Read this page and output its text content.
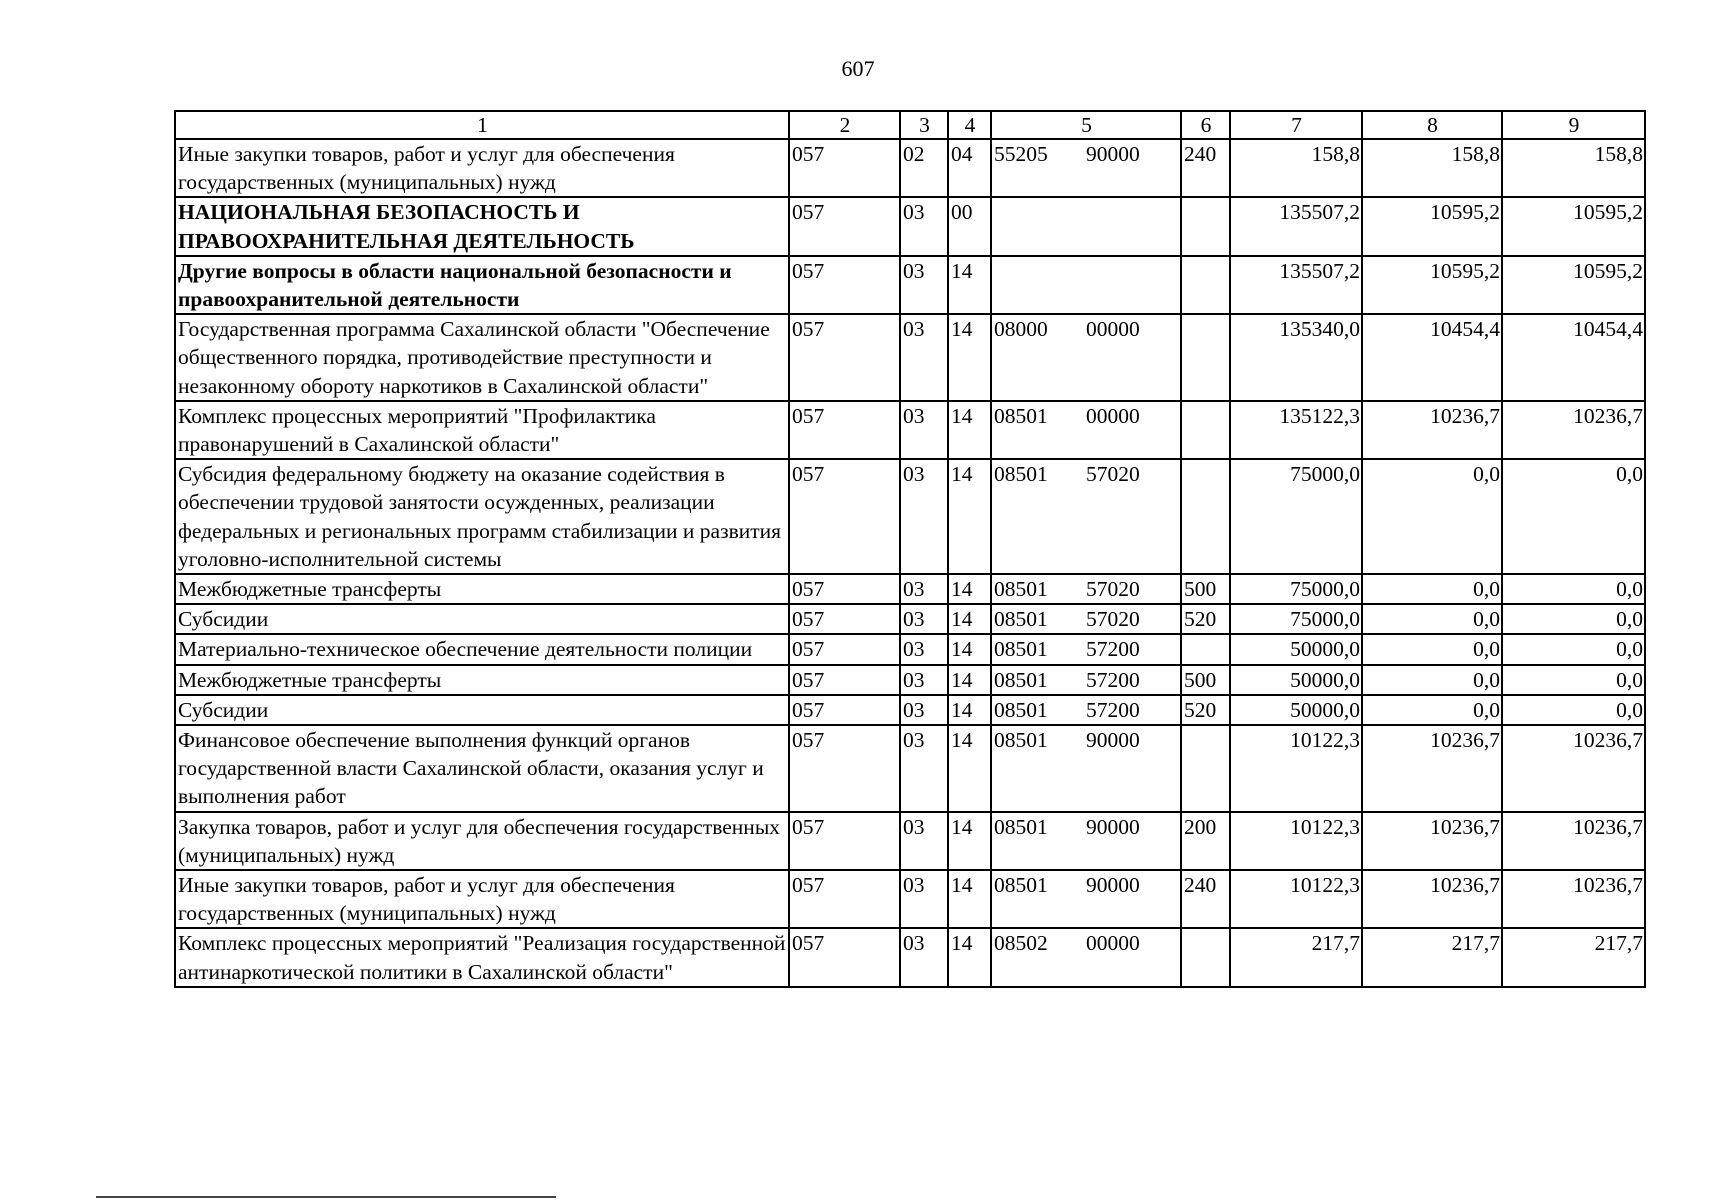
607
1	2	3	4	5	6	7	8	9
Иные закупки товаров, работ и услуг для обеспечения государственных (муниципальных) нужд	057	02	04	55205 90000	240	158,8	158,8	158,8
НАЦИОНАЛЬНАЯ БЕЗОПАСНОСТЬ И ПРАВООХРАНИТЕЛЬНАЯ ДЕЯТЕЛЬНОСТЬ	057	03	00			135507,2	10595,2	10595,2
Другие вопросы в области национальной безопасности и правоохранительной деятельности	057	03	14			135507,2	10595,2	10595,2
Государственная программа Сахалинской области "Обеспечение общественного порядка, противодействие преступности и незаконному обороту наркотиков в Сахалинской области"	057	03	14	08000 00000		135340,0	10454,4	10454,4
Комплекс процессных мероприятий "Профилактика правонарушений в Сахалинской области"	057	03	14	08501 00000		135122,3	10236,7	10236,7
Субсидия федеральному бюджету на оказание содействия в обеспечении трудовой занятости осужденных, реализации федеральных и региональных программ стабилизации и развития уголовно-исполнительной системы	057	03	14	08501 57020		75000,0	0,0	0,0
Межбюджетные трансферты	057	03	14	08501 57020	500	75000,0	0,0	0,0
Субсидии	057	03	14	08501 57020	520	75000,0	0,0	0,0
Материально-техническое обеспечение деятельности полиции	057	03	14	08501 57200		50000,0	0,0	0,0
Межбюджетные трансферты	057	03	14	08501 57200	500	50000,0	0,0	0,0
Субсидии	057	03	14	08501 57200	520	50000,0	0,0	0,0
Финансовое обеспечение выполнения функций органов государственной власти Сахалинской области, оказания услуг и выполнения работ	057	03	14	08501 90000		10122,3	10236,7	10236,7
Закупка товаров, работ и услуг для обеспечения государственных (муниципальных) нужд	057	03	14	08501 90000	200	10122,3	10236,7	10236,7
Иные закупки товаров, работ и услуг для обеспечения государственных (муниципальных) нужд	057	03	14	08501 90000	240	10122,3	10236,7	10236,7
Комплекс процессных мероприятий "Реализация государственной антинаркотической политики в Сахалинской области"	057	03	14	08502 00000		217,7	217,7	217,7
